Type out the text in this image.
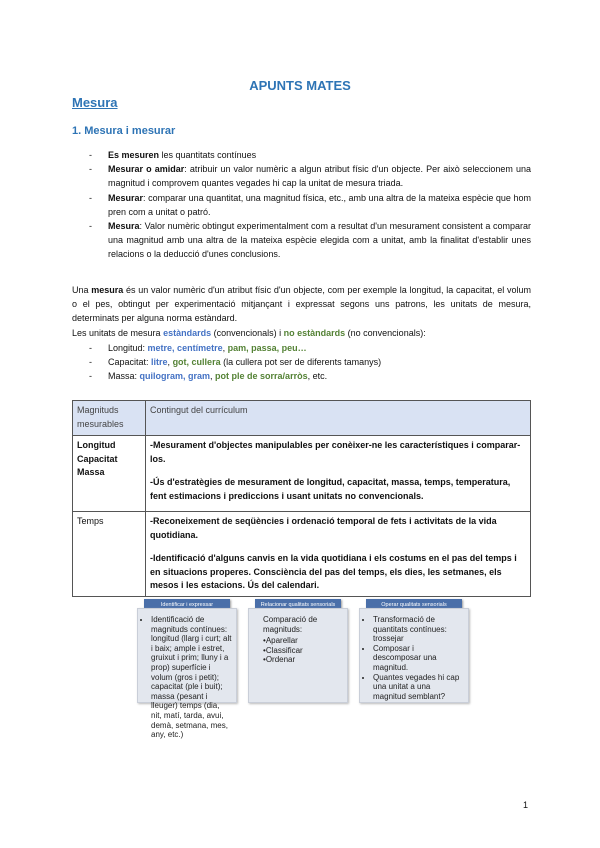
APUNTS MATES
Mesura
1. Mesura i mesurar
- Es mesuren les quantitats contínues
- Mesurar o amidar: atribuir un valor numèric a algun atribut físic d'un objecte. Per això seleccionem una magnitud i comprovem quantes vegades hi cap la unitat de mesura triada.
- Mesurar: comparar una quantitat, una magnitud física, etc., amb una altra de la mateixa espècie que hom pren com a unitat o patró.
- Mesura: Valor numèric obtingut experimentalment com a resultat d'un mesurament consistent a comparar una magnitud amb una altra de la mateixa espècie elegida com a unitat, amb la finalitat d'establir unes relacions o la deducció d'unes conclusions.

Una mesura és un valor numèric d'un atribut físic d'un objecte, com per exemple la longitud, la capacitat, el volum o el pes, obtingut per experimentació mitjançant i expressat segons uns patrons, les unitats de mesura, determinats per alguna norma estàndard.

Les unitats de mesura estàndards (convencionals) i no estàndards (no convencionals):

- Longitud: metre, centímetre, pam, passa, peu…
- Capacitat: litre, got, cullera (la cullera pot ser de diferents tamanys)
- Massa: quilogram, gram, pot ple de sorra/arròs, etc.
Magnituds mesurables	Contingut del currículum
Longitud Capacitat Massa	-Mesurament d'objectes manipulables per conèixer-ne les característiques i comparar-los.
-Ús d'estratègies de mesurament de longitud, capacitat, massa, temps, temperatura, fent estimacions i prediccions i usant unitats no convencionals.

Temps	-Reconeixement de seqüències i ordenació temporal de fets i activitats de la vida quotidiana.
-Identificació d'alguns canvis en la vida quotidiana i els costums en el pas del temps i en situacions properes. Consciència del pas del temps, els dies, les setmanes, els mesos i les estacions. Ús del calendari.
Identificar i expressar
• Identificació de magnituds contínues: longitud (llarg i curt; alt i baix; ample i estret, gruixut i prim; lluny i a prop) superfície i volum (gros i petit); capacitat (ple i buit); massa (pesant i lleuger) temps (dia, nit, matí, tarda, avui, demà, setmana, mes, any, etc.)
Relacionar qualitats sensorials
Comparació de magnituds:
•Aparellar
•Classificar
•Ordenar
Operar qualitats sensorials
• Transformació de quantitats contínues: trossejar
• Composar i descomposar una magnitud.
• Quantes vegades hi cap una unitat a una magnitud semblant?
1
